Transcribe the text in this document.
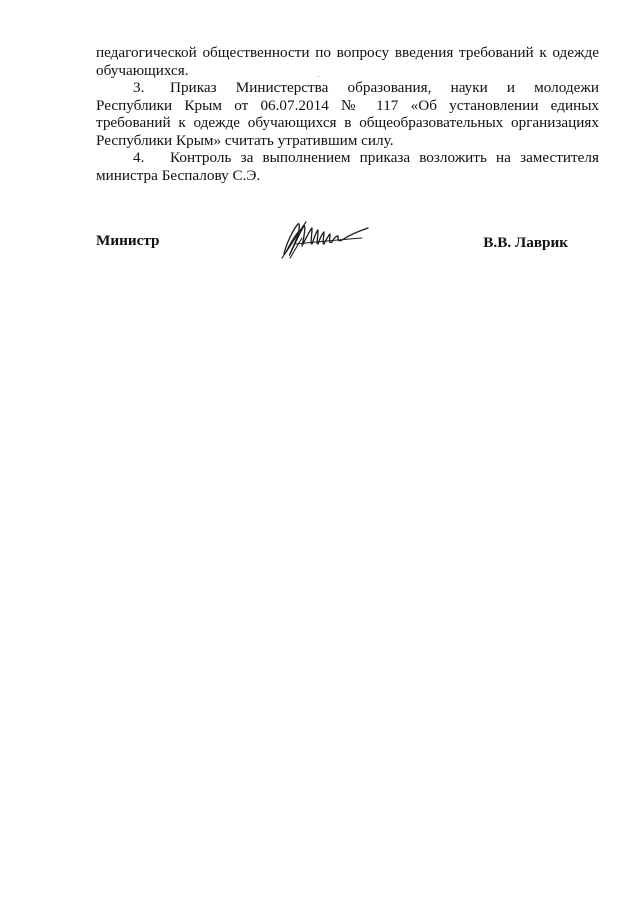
педагогической общественности по вопросу введения требований к одежде обучающихся.

3. Приказ Министерства образования, науки и молодежи Республики Крым от 06.07.2014 № 117 «Об установлении единых требований к одежде обучающихся в общеобразовательных организациях Республики Крым» считать утратившим силу.

4. Контроль за выполнением приказа возложить на заместителя министра Беспалову С.Э.

Министр	В.В. Лаврик
